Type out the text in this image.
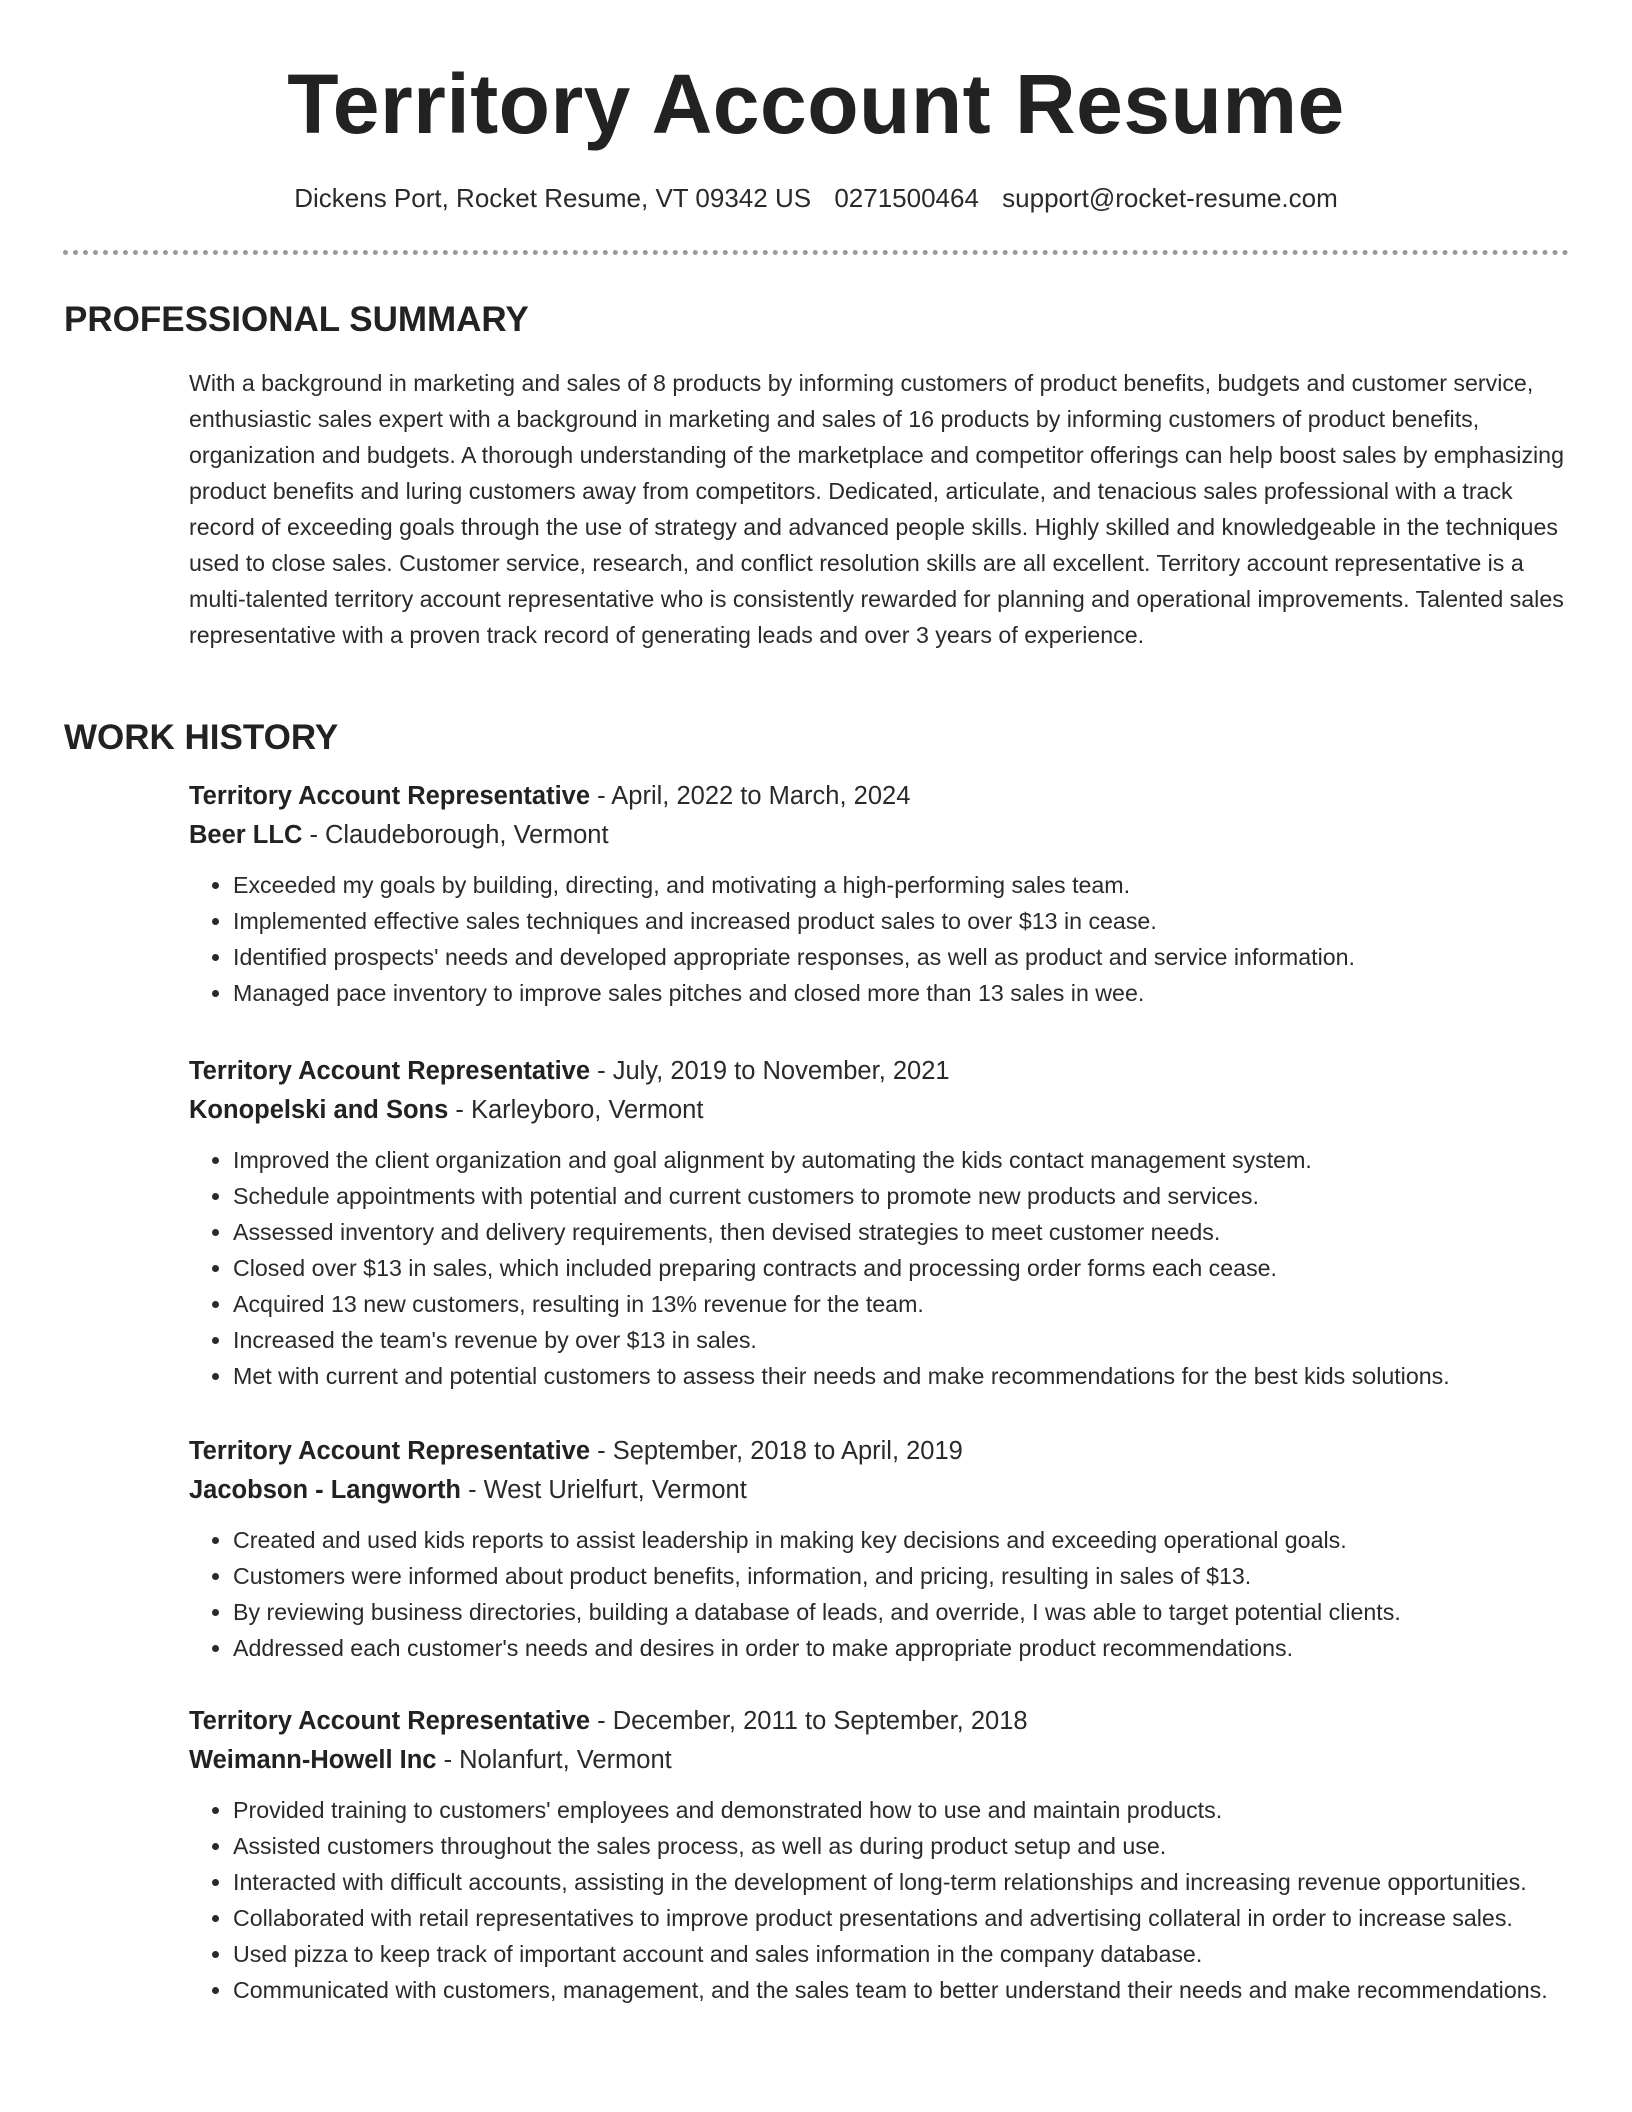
Territory Account Resume
Dickens Port, Rocket Resume, VT 09342 US 0271500464 support@rocket-resume.com
PROFESSIONAL SUMMARY
With a background in marketing and sales of 8 products by informing customers of product benefits, budgets and customer service, enthusiastic sales expert with a background in marketing and sales of 16 products by informing customers of product benefits, organization and budgets. A thorough understanding of the marketplace and competitor offerings can help boost sales by emphasizing product benefits and luring customers away from competitors. Dedicated, articulate, and tenacious sales professional with a track record of exceeding goals through the use of strategy and advanced people skills. Highly skilled and knowledgeable in the techniques used to close sales. Customer service, research, and conflict resolution skills are all excellent. Territory account representative is a multi-talented territory account representative who is consistently rewarded for planning and operational improvements. Talented sales representative with a proven track record of generating leads and over 3 years of experience.
WORK HISTORY
Territory Account Representative - April, 2022 to March, 2024
Beer LLC - Claudeborough, Vermont
• Exceeded my goals by building, directing, and motivating a high-performing sales team.
• Implemented effective sales techniques and increased product sales to over $13 in cease.
• Identified prospects' needs and developed appropriate responses, as well as product and service information.
• Managed pace inventory to improve sales pitches and closed more than 13 sales in wee.
Territory Account Representative - July, 2019 to November, 2021
Konopelski and Sons - Karleyboro, Vermont
• Improved the client organization and goal alignment by automating the kids contact management system.
• Schedule appointments with potential and current customers to promote new products and services.
• Assessed inventory and delivery requirements, then devised strategies to meet customer needs.
• Closed over $13 in sales, which included preparing contracts and processing order forms each cease.
• Acquired 13 new customers, resulting in 13% revenue for the team.
• Increased the team's revenue by over $13 in sales.
• Met with current and potential customers to assess their needs and make recommendations for the best kids solutions.
Territory Account Representative - September, 2018 to April, 2019
Jacobson - Langworth - West Urielfurt, Vermont
• Created and used kids reports to assist leadership in making key decisions and exceeding operational goals.
• Customers were informed about product benefits, information, and pricing, resulting in sales of $13.
• By reviewing business directories, building a database of leads, and override, I was able to target potential clients.
• Addressed each customer's needs and desires in order to make appropriate product recommendations.
Territory Account Representative - December, 2011 to September, 2018
Weimann-Howell Inc - Nolanfurt, Vermont
• Provided training to customers' employees and demonstrated how to use and maintain products.
• Assisted customers throughout the sales process, as well as during product setup and use.
• Interacted with difficult accounts, assisting in the development of long-term relationships and increasing revenue opportunities.
• Collaborated with retail representatives to improve product presentations and advertising collateral in order to increase sales.
• Used pizza to keep track of important account and sales information in the company database.
• Communicated with customers, management, and the sales team to better understand their needs and make recommendations.
